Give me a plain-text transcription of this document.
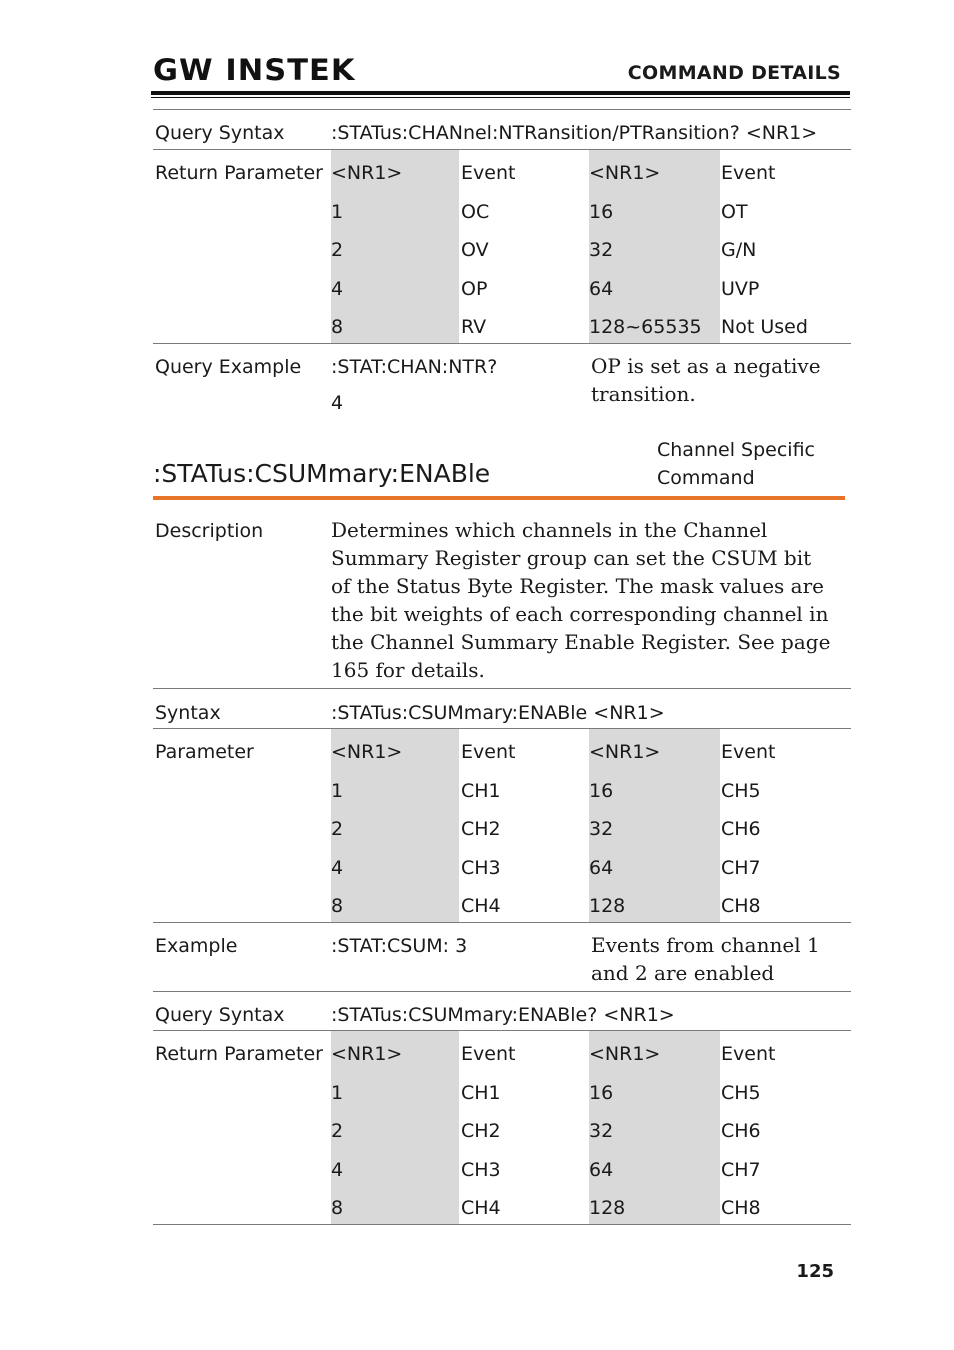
GW INSTEK	COMMAND DETAILS
Query Syntax :STATus:CHANnel:NTRansition/PTRansition? <NR1>
Return Parameter <NR1>	Event	<NR1>	Event
1	OC	16	OT
2	OV	32	G/N
4	OP	64	UVP
8	RV	128~65535 Not Used
Query Example :STAT:CHAN:NTR?
4
OP is set as a negative transition.
:STATus:CSUMmary:ENABle
Channel Specific Command
Description	Determines which channels in the Channel Summary Register group can set the CSUM bit of the Status Byte Register. The mask values are the bit weights of each corresponding channel in the Channel Summary Enable Register. See page 165 for details.
Syntax	:STATus:CSUMmary:ENABle <NR1>
Parameter	<NR1>	Event	<NR1>	Event
1	CH1	16	CH5
2	CH2	32	CH6
4	CH3	64	CH7
8	CH4	128	CH8
Example	:STAT:CSUM: 3	Events from channel 1 and 2 are enabled
Query Syntax :STATus:CSUMmary:ENABle? <NR1>
Return Parameter <NR1>	Event	<NR1>	Event
1	CH1	16	CH5
2	CH2	32	CH6
4	CH3	64	CH7
8	CH4	128	CH8
125
